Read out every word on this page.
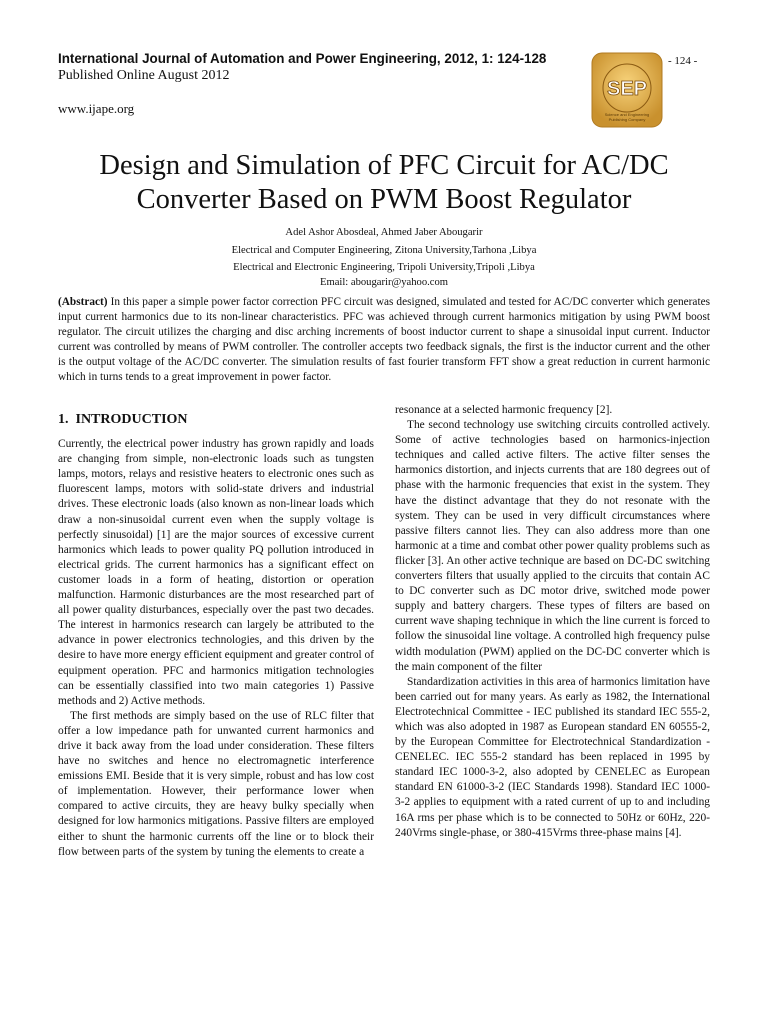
International Journal of Automation and Power Engineering, 2012, 1: 124-128
Published Online August 2012
www.ijape.org
- 124 -
SEP
Science and Engineering
Publishing Company
Design and Simulation of PFC Circuit for AC/DC Converter Based on PWM Boost Regulator
Adel Ashor Abosdeal, Ahmed Jaber Abougarir
Electrical and Computer Engineering, Zitona University,Tarhona ,Libya
Electrical and Electronic Engineering, Tripoli University,Tripoli ,Libya
Email: abougarir@yahoo.com
(Abstract) In this paper a simple power factor correction PFC circuit was designed, simulated and tested for AC/DC converter which generates input current harmonics due to its non-linear characteristics. PFC was achieved through current harmonics mitigation by using PWM boost regulator. The circuit utilizes the charging and disc arching increments of boost inductor current to shape a sinusoidal input current. Inductor current was controlled by means of PWM controller. The controller accepts two feedback signals, the first is the inductor current and the other is the output voltage of the AC/DC converter. The simulation results of fast fourier transform FFT show a great reduction in current harmonic which in turns tends to a great improvement in power factor.
1.  INTRODUCTION

Currently, the electrical power industry has grown rapidly and loads are changing from simple, non-electronic loads such as tungsten lamps, motors, relays and resistive heaters to electronic ones such as fluorescent lamps, motors with solid-state drivers and industrial drives. These electronic loads (also known as non-linear loads which draw a non-sinusoidal current even when the supply voltage is perfectly sinusoidal) [1] are the major sources of excessive current harmonics which leads to power quality PQ pollution introduced in electrical grids. The current harmonics has a significant effect on customer loads in a form of heating, distortion or operation malfunction. Harmonic disturbances are the most researched part of all power quality disturbances, especially over the past two decades. The interest in harmonics research can largely be attributed to the advance in power electronics technologies, and this driven by the desire to have more energy efficient equipment and greater control of equipment operation. PFC and harmonics mitigation technologies can be essentially classified into two main categories 1) Passive methods and 2) Active methods.

The first methods are simply based on the use of RLC filter that offer a low impedance path for unwanted current harmonics and drive it back away from the load under consideration. These filters have no switches and hence no electromagnetic interference emissions EMI. Beside that it is very simple, robust and has low cost of implementation. However, their performance lower when compared to active circuits, they are heavy bulky specially when designed for low harmonics mitigations. Passive filters are employed either to shunt the harmonic currents off the line or to block their flow between parts of the system by tuning the elements to create a

resonance at a selected harmonic frequency [2].

The second technology use switching circuits controlled actively. Some of active technologies based on harmonics-injection techniques and called active filters. The active filter senses the harmonics distortion, and injects currents that are 180 degrees out of phase with the harmonic frequencies that exist in the system. They have the distinct advantage that they do not resonate with the system. They can be used in very difficult circumstances where passive filters cannot lies. They can also address more than one harmonic at a time and combat other power quality problems such as flicker [3]. An other active technique are based on DC-DC switching converters filters that usually applied to the circuits that contain AC to DC converter such as DC motor drive, switched mode power supply and battery chargers. These types of filters are based on current wave shaping technique in which the line current is forced to follow the sinusoidal line voltage. A controlled high frequency pulse width modulation (PWM) applied on the DC-DC converter which is the main component of the filter

Standardization activities in this area of harmonics limitation have been carried out for many years. As early as 1982, the International Electrotechnical Committee - IEC published its standard IEC 555-2, which was also adopted in 1987 as European standard EN 60555-2, by the European Committee for Electrotechnical Standardization - CENELEC. IEC 555-2 standard has been replaced in 1995 by standard IEC 1000-3-2, also adopted by CENELEC as European standard EN 61000-3-2 (IEC Standards 1998). Standard IEC 1000-3-2 applies to equipment with a rated current of up to and including 16A rms per phase which is to be connected to 50Hz or 60Hz, 220-240Vrms single-phase, or 380-415Vrms three-phase mains [4].
